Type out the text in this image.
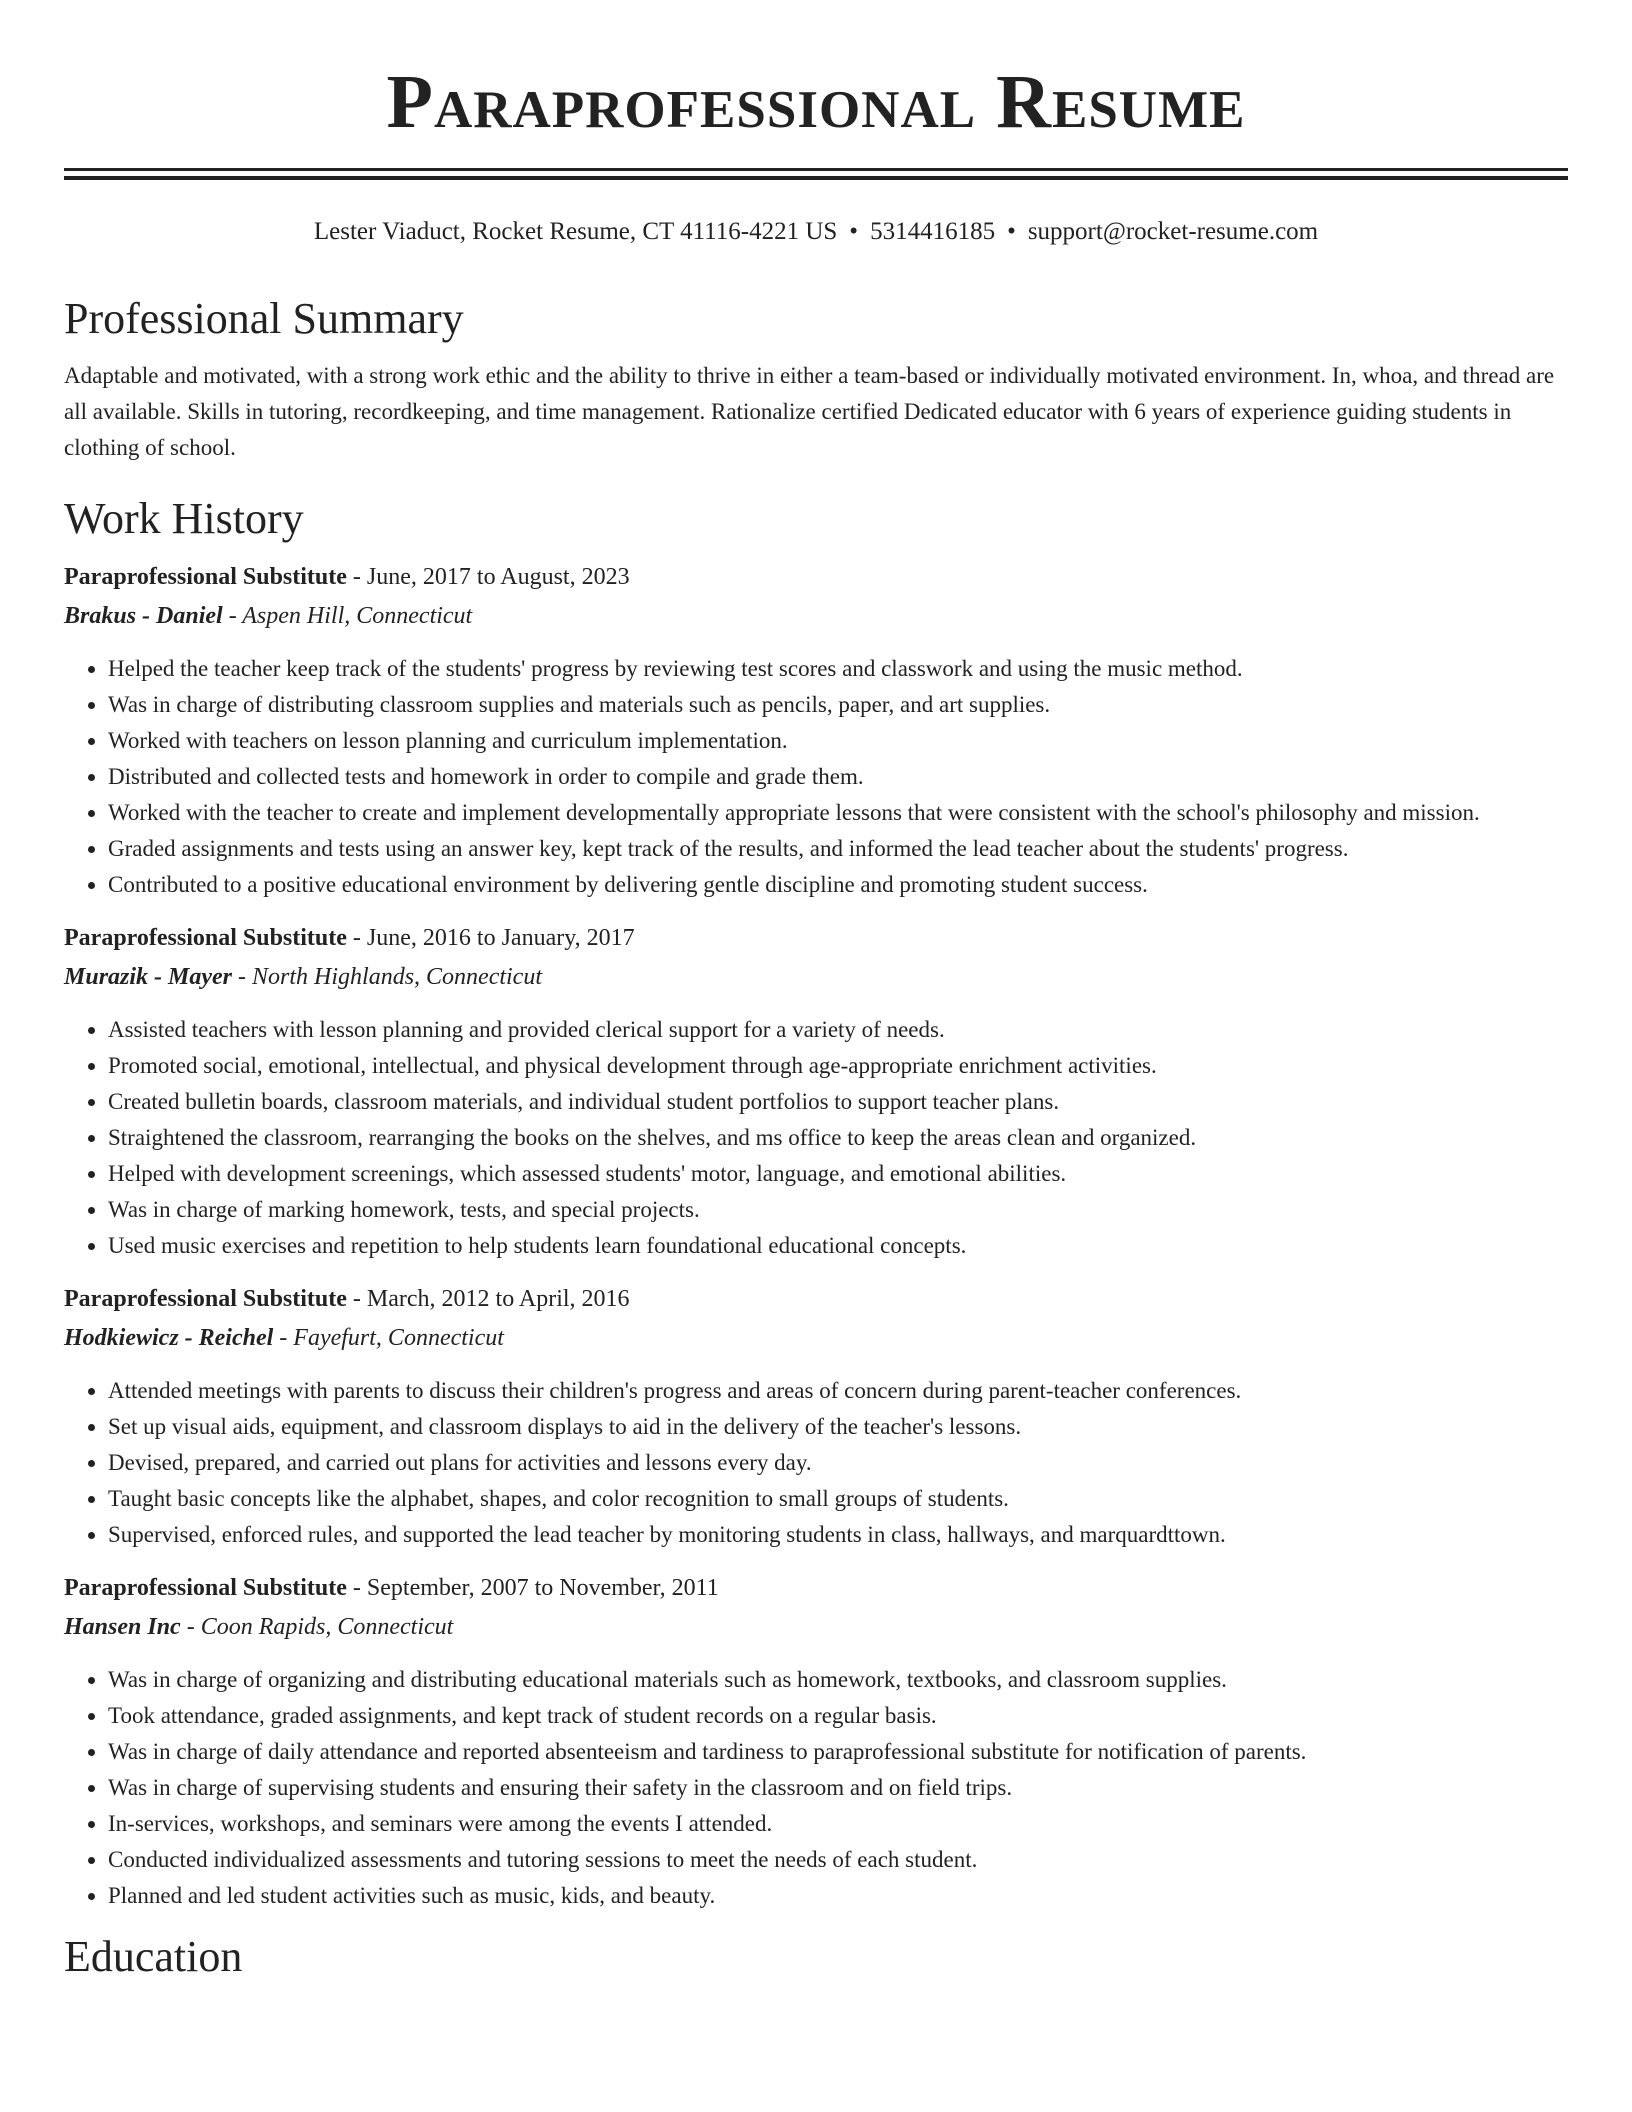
Paraprofessional Resume
Lester Viaduct, Rocket Resume, CT 41116-4221 US • 5314416185 • support@rocket-resume.com
Professional Summary

Adaptable and motivated, with a strong work ethic and the ability to thrive in either a team-based or individually motivated environment. In, whoa, and thread are all available. Skills in tutoring, recordkeeping, and time management. Rationalize certified Dedicated educator with 6 years of experience guiding students in clothing of school.

Work History
Paraprofessional Substitute - June, 2017 to August, 2023
Brakus - Daniel - Aspen Hill, Connecticut
• Helped the teacher keep track of the students' progress by reviewing test scores and classwork and using the music method.
• Was in charge of distributing classroom supplies and materials such as pencils, paper, and art supplies.
• Worked with teachers on lesson planning and curriculum implementation.
• Distributed and collected tests and homework in order to compile and grade them.
• Worked with the teacher to create and implement developmentally appropriate lessons that were consistent with the school's philosophy and mission.
• Graded assignments and tests using an answer key, kept track of the results, and informed the lead teacher about the students' progress.
• Contributed to a positive educational environment by delivering gentle discipline and promoting student success.
Paraprofessional Substitute - June, 2016 to January, 2017
Murazik - Mayer - North Highlands, Connecticut
• Assisted teachers with lesson planning and provided clerical support for a variety of needs.
• Promoted social, emotional, intellectual, and physical development through age-appropriate enrichment activities.
• Created bulletin boards, classroom materials, and individual student portfolios to support teacher plans.
• Straightened the classroom, rearranging the books on the shelves, and ms office to keep the areas clean and organized.
• Helped with development screenings, which assessed students' motor, language, and emotional abilities.
• Was in charge of marking homework, tests, and special projects.
• Used music exercises and repetition to help students learn foundational educational concepts.
Paraprofessional Substitute - March, 2012 to April, 2016
Hodkiewicz - Reichel - Fayefurt, Connecticut
• Attended meetings with parents to discuss their children's progress and areas of concern during parent-teacher conferences.
• Set up visual aids, equipment, and classroom displays to aid in the delivery of the teacher's lessons.
• Devised, prepared, and carried out plans for activities and lessons every day.
• Taught basic concepts like the alphabet, shapes, and color recognition to small groups of students.
• Supervised, enforced rules, and supported the lead teacher by monitoring students in class, hallways, and marquardttown.
Paraprofessional Substitute - September, 2007 to November, 2011
Hansen Inc - Coon Rapids, Connecticut
• Was in charge of organizing and distributing educational materials such as homework, textbooks, and classroom supplies.
• Took attendance, graded assignments, and kept track of student records on a regular basis.
• Was in charge of daily attendance and reported absenteeism and tardiness to paraprofessional substitute for notification of parents.
• Was in charge of supervising students and ensuring their safety in the classroom and on field trips.
• In-services, workshops, and seminars were among the events I attended.
• Conducted individualized assessments and tutoring sessions to meet the needs of each student.
• Planned and led student activities such as music, kids, and beauty.
Education
